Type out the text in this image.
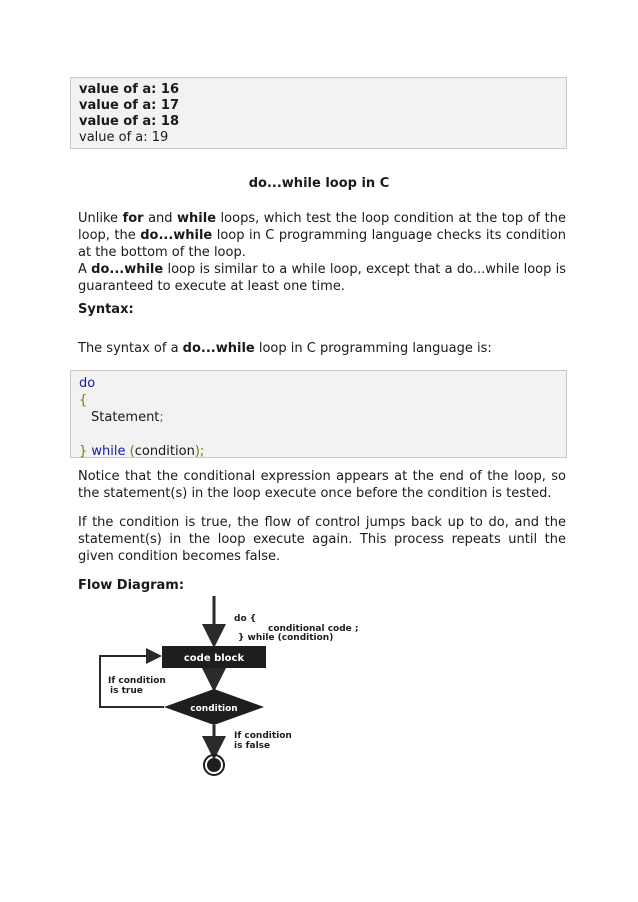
value of a: 16
value of a: 17
value of a: 18
value of a: 19
do...while loop in C
Unlike for and while loops, which test the loop condition at the top of the loop, the do...while loop in C programming language checks its condition at the bottom of the loop.
A do...while loop is similar to a while loop, except that a do...while loop is guaranteed to execute at least one time.
Syntax:
The syntax of a do...while loop in C programming language is:
do
{
Statement;

} while (condition);
Notice that the conditional expression appears at the end of the loop, so the statement(s) in the loop execute once before the condition is tested.
If the condition is true, the flow of control jumps back up to do, and the statement(s) in the loop execute again. This process repeats until the given condition becomes false.
Flow Diagram:
code block
condition
If condition
is true
If condition
is false
do {
conditional code ;
} while (condition)
